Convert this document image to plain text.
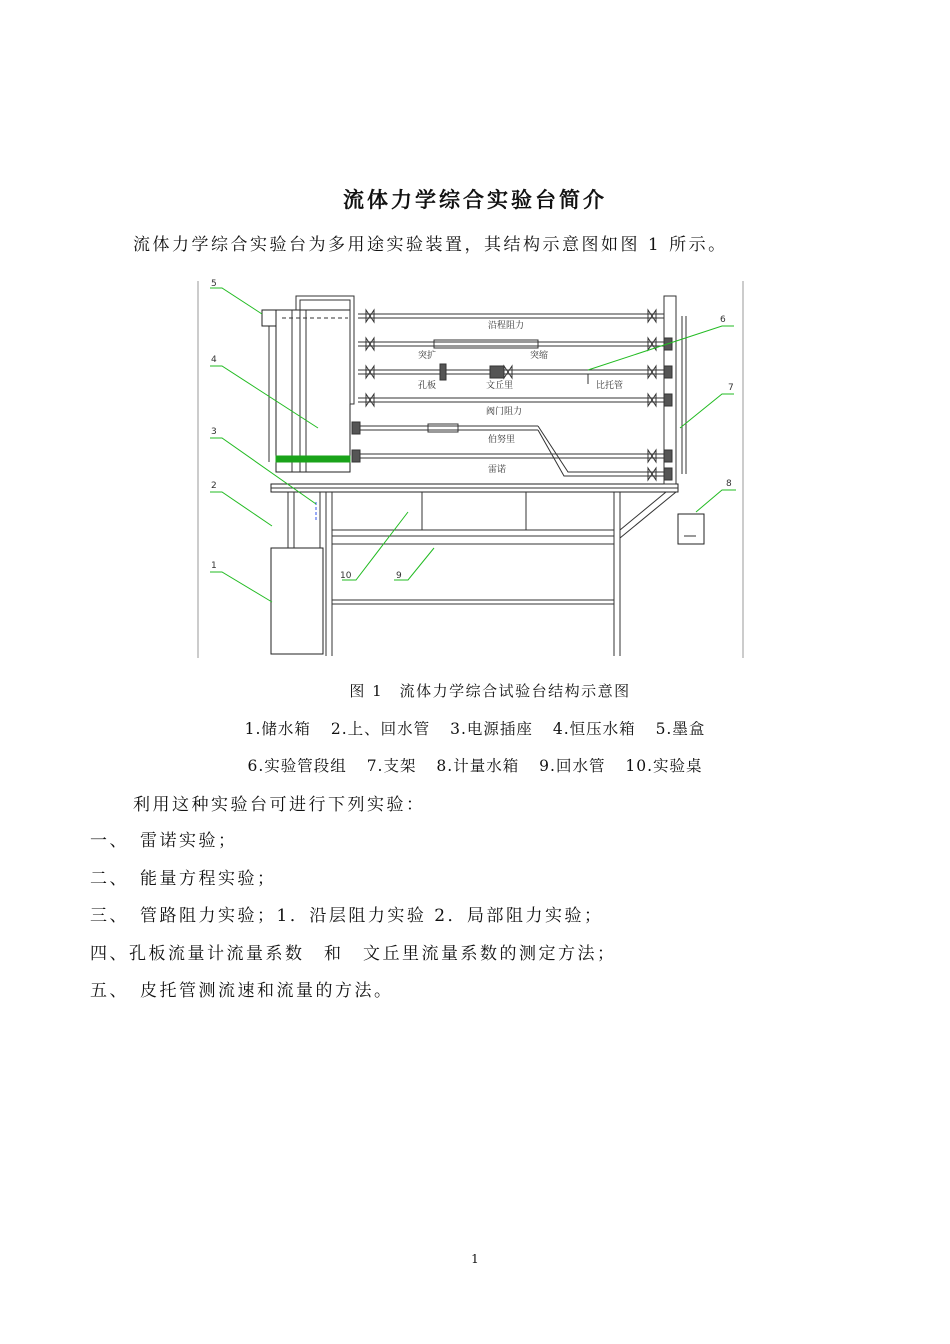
流体力学综合实验台简介
流体力学综合实验台为多用途实验装置，其结构示意图如图 1 所示。
1
2
3
4
5
6
7
8
9
10
沿程阻力
突扩	突缩
孔板	文丘里	比托管
阀门阻力
伯努里
雷诺
图 1　流体力学综合试验台结构示意图
1.储水箱 2.上、回水管 3.电源插座 4.恒压水箱 5.墨盒
6.实验管段组 7.支架 8.计量水箱 9.回水管 10.实验桌
利用这种实验台可进行下列实验：
一、　雷诺实验；
二、　能量方程实验；
三、　管路阻力实验；1．沿层阻力实验 2．局部阻力实验；
四、孔板流量计流量系数　和　文丘里流量系数的测定方法；
五、　皮托管测流速和流量的方法。
1
